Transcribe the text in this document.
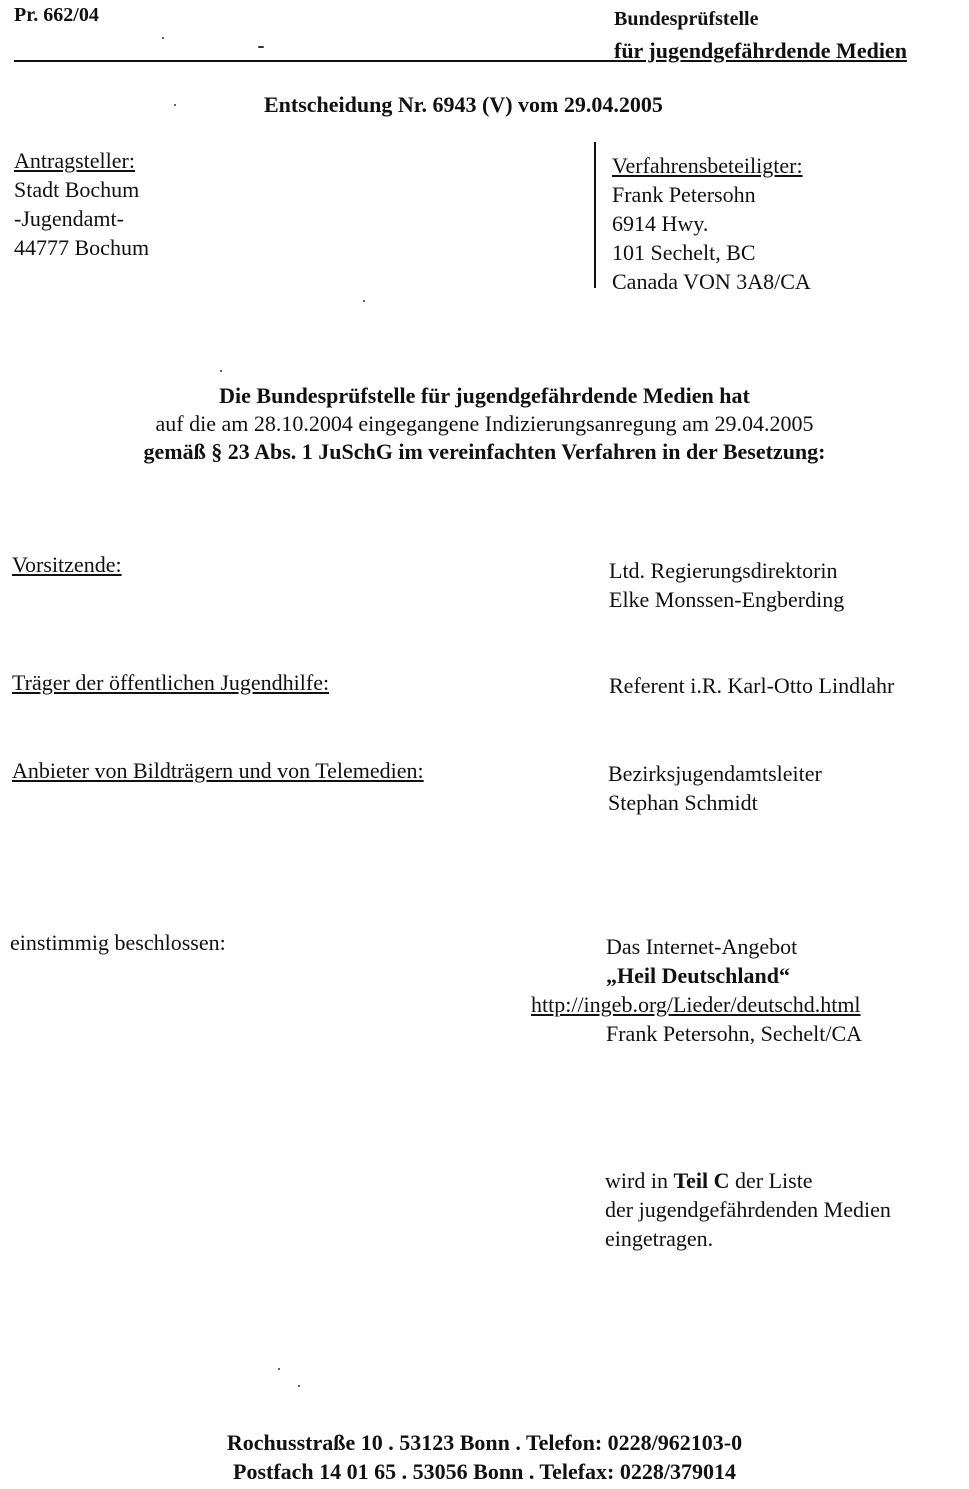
Pr. 662/04	Bundesprüfstelle
für jugendgefährdende Medien
Entscheidung Nr. 6943 (V) vom 29.04.2005
Antragsteller:
Stadt Bochum
-Jugendamt-
44777 Bochum
Verfahrensbeteiligter:
Frank Petersohn
6914 Hwy.
101 Sechelt, BC
Canada VON 3A8/CA
Die Bundesprüfstelle für jugendgefährdende Medien hat
auf die am 28.10.2004 eingegangene Indizierungsanregung am 29.04.2005
gemäß § 23 Abs. 1 JuSchG im vereinfachten Verfahren in der Besetzung:
Vorsitzende:	Ltd. Regierungsdirektorin
Elke Monssen-Engberding
Träger der öffentlichen Jugendhilfe:	Referent i.R. Karl-Otto Lindlahr
Anbieter von Bildträgern und von Telemedien:	Bezirksjugendamtsleiter
Stephan Schmidt
einstimmig beschlossen:	Das Internet-Angebot
„Heil Deutschland“
http://ingeb.org/Lieder/deutschd.html
Frank Petersohn, Sechelt/CA
wird in Teil C der Liste
der jugendgefährdenden Medien
eingetragen.
Rochusstraße 10 . 53123 Bonn . Telefon: 0228/962103-0
Postfach 14 01 65 . 53056 Bonn . Telefax: 0228/379014
